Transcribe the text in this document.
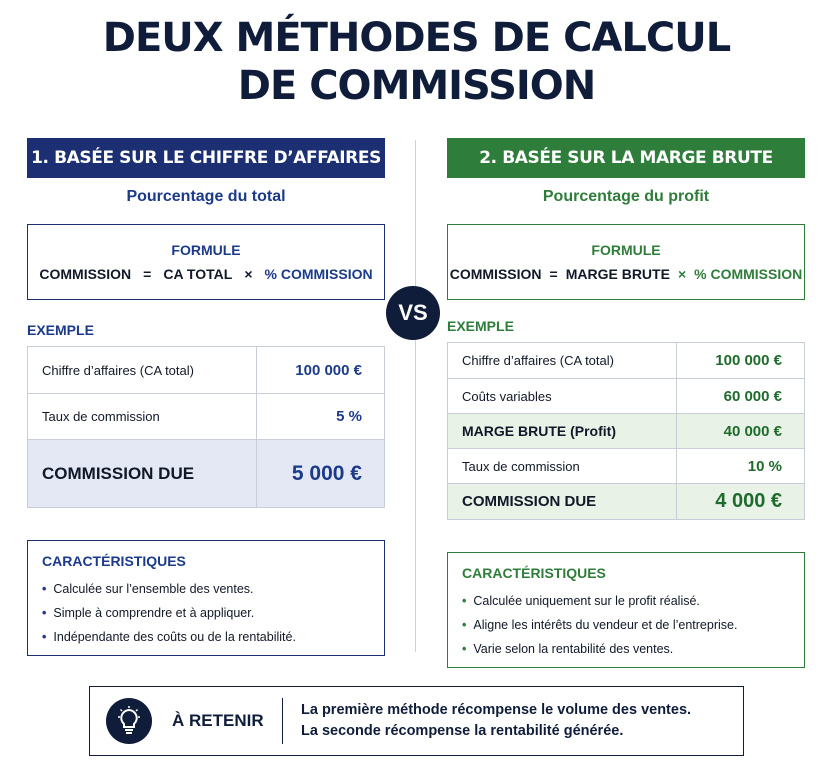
DEUX MÉTHODES DE CALCUL
DE COMMISSION
VS
1. BASÉE SUR LE CHIFFRE D’AFFAIRES
Pourcentage du total
FORMULE
COMMISSION = CA TOTAL × % COMMISSION
EXEMPLE
Chiffre d’affaires (CA total)	100 000 €
Taux de commission	5 %
COMMISSION DUE	5 000 €
CARACTÉRISTIQUES
• Calculée sur l’ensemble des ventes.
• Simple à comprendre et à appliquer.
• Indépendante des coûts ou de la rentabilité.
2. BASÉE SUR LA MARGE BRUTE
Pourcentage du profit
FORMULE
COMMISSION = MARGE BRUTE × % COMMISSION
EXEMPLE
Chiffre d’affaires (CA total)	100 000 €
Coûts variables	60 000 €
MARGE BRUTE (Profit)	40 000 €
Taux de commission	10 %
COMMISSION DUE	4 000 €
CARACTÉRISTIQUES
• Calculée uniquement sur le profit réalisé.
• Aligne les intérêts du vendeur et de l’entreprise.
• Varie selon la rentabilité des ventes.
À RETENIR
La première méthode récompense le volume des ventes.
La seconde récompense la rentabilité générée.
